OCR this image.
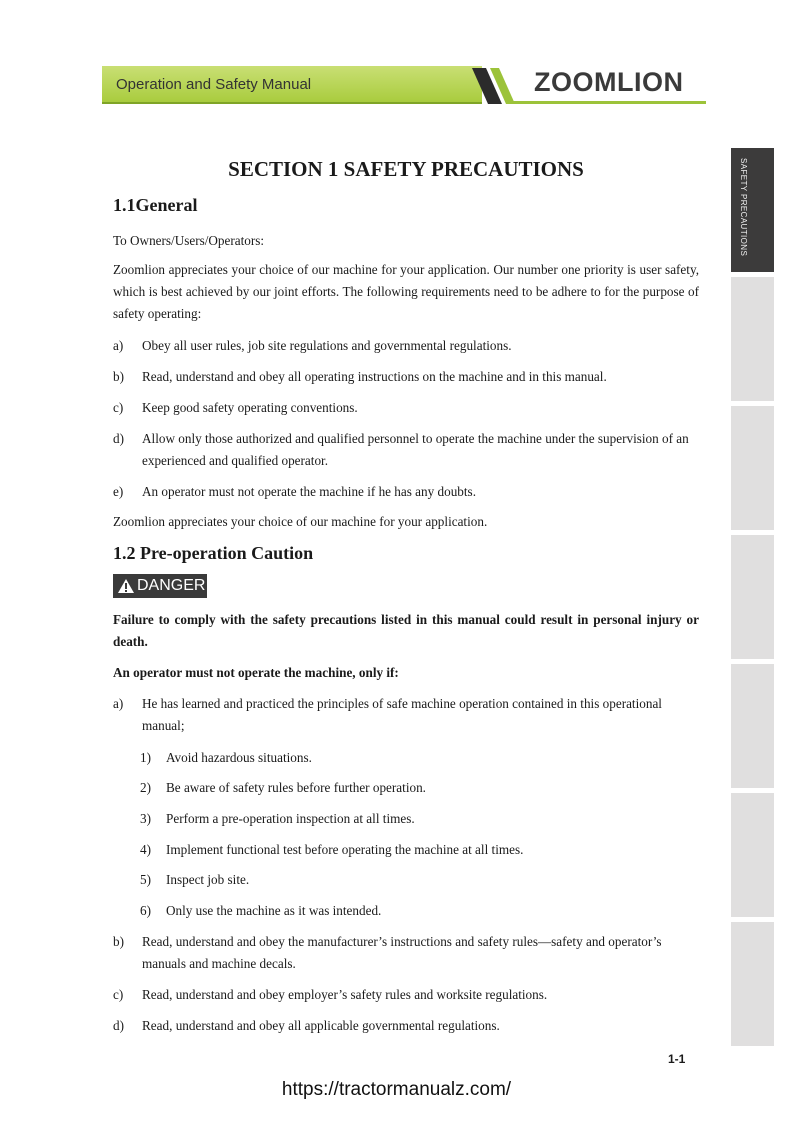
Operation and Safety Manual	ZOOMLION
SAFETY PRECAUTIONS
SECTION 1 SAFETY PRECAUTIONS
1.1General
To Owners/Users/Operators:
Zoomlion appreciates your choice of our machine for your application. Our number one priority is user safety, which is best achieved by our joint efforts. The following requirements need to be adhere to for the purpose of safety operating:
a) Obey all user rules, job site regulations and governmental regulations.
b) Read, understand and obey all operating instructions on the machine and in this manual.
c) Keep good safety operating conventions.
d) Allow only those authorized and qualified personnel to operate the machine under the supervision of an experienced and qualified operator.
e) An operator must not operate the machine if he has any doubts.
Zoomlion appreciates your choice of our machine for your application.
1.2 Pre-operation Caution
DANGER
Failure to comply with the safety precautions listed in this manual could result in personal injury or death.
An operator must not operate the machine, only if:
a) He has learned and practiced the principles of safe machine operation contained in this operational manual;
1) Avoid hazardous situations.
2) Be aware of safety rules before further operation.
3) Perform a pre-operation inspection at all times.
4) Implement functional test before operating the machine at all times.
5) Inspect job site.
6) Only use the machine as it was intended.
b) Read, understand and obey the manufacturer’s instructions and safety rules—safety and operator’s manuals and machine decals.
c) Read, understand and obey employer’s safety rules and worksite regulations.
d) Read, understand and obey all applicable governmental regulations.
1-1
https://tractormanualz.com/
